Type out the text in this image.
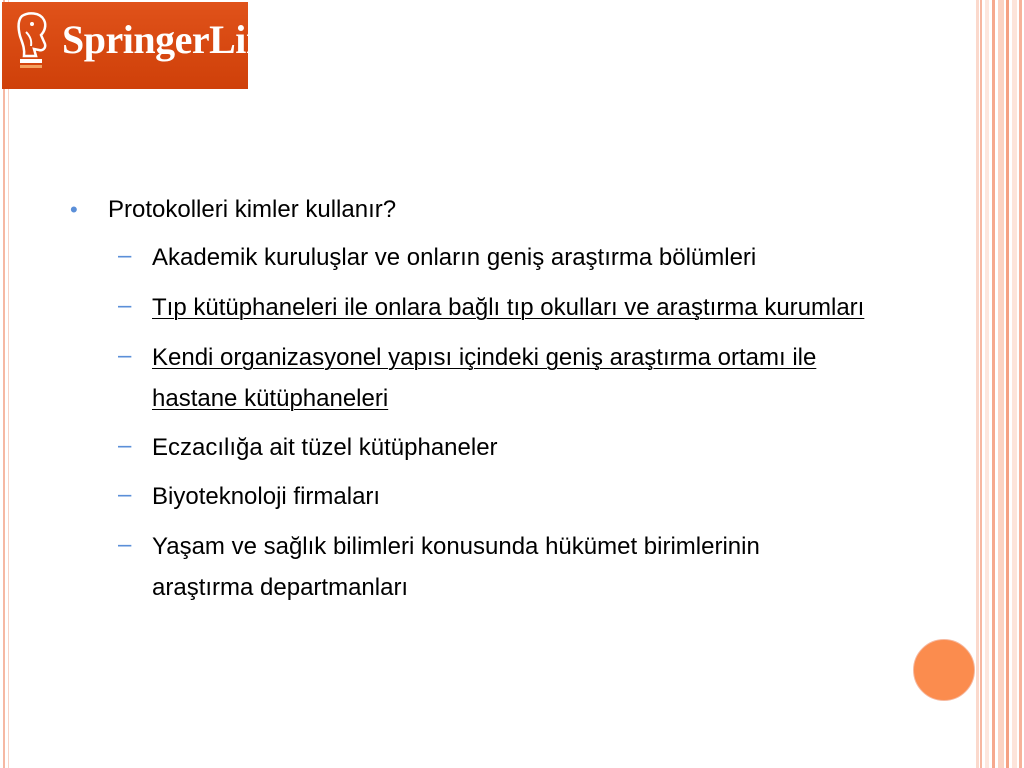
SpringerLink
• Protokolleri kimler kullanır?
– Akademik kuruluşlar ve onların geniş araştırma bölümleri
– Tıp kütüphaneleri ile onlara bağlı tıp okulları ve araştırma kurumları
– Kendi organizasyonel yapısı içindeki geniş araştırma ortamı ile
hastane kütüphaneleri
– Eczacılığa ait tüzel kütüphaneler
– Biyoteknoloji firmaları
– Yaşam ve sağlık bilimleri konusunda hükümet birimlerinin
araştırma departmanları
